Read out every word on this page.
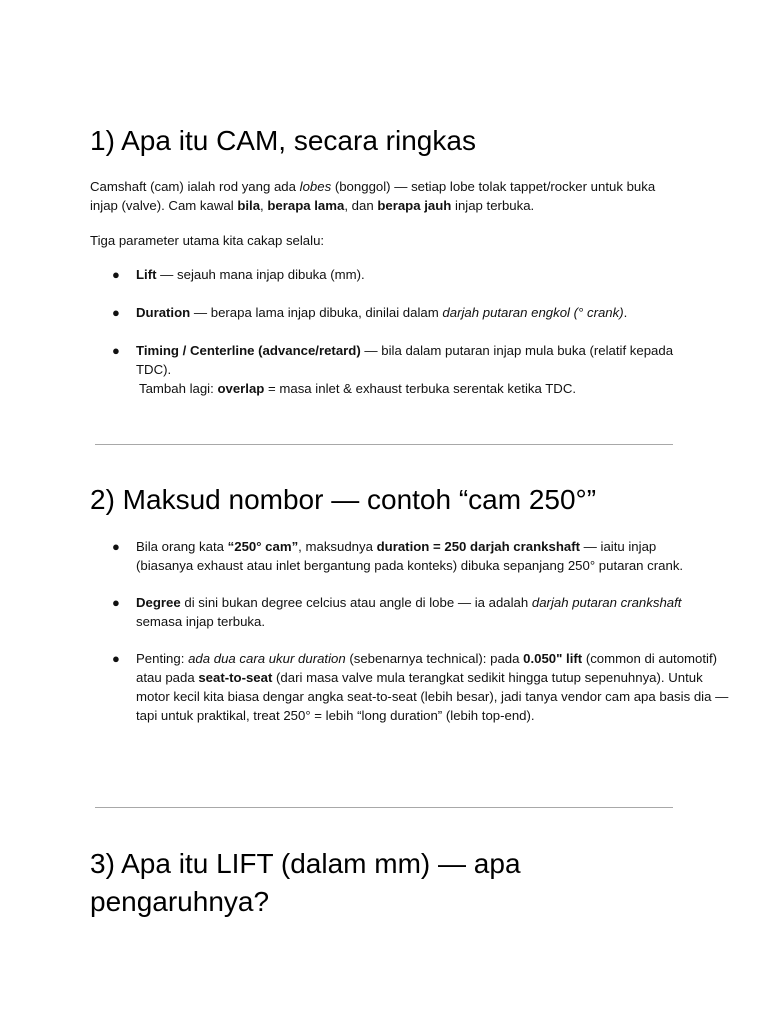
1) Apa itu CAM, secara ringkas

Camshaft (cam) ialah rod yang ada lobes (bonggol) — setiap lobe tolak tappet/rocker untuk buka injap (valve). Cam kawal bila, berapa lama, dan berapa jauh injap terbuka.

Tiga parameter utama kita cakap selalu:

● Lift — sejauh mana injap dibuka (mm).
● Duration — berapa lama injap dibuka, dinilai dalam darjah putaran engkol (° crank).
● Timing / Centerline (advance/retard) — bila dalam putaran injap mula buka (relatif kepada TDC).
Tambah lagi: overlap = masa inlet & exhaust terbuka serentak ketika TDC.
2) Maksud nombor — contoh “cam 250°”
● Bila orang kata “250° cam”, maksudnya duration = 250 darjah crankshaft — iaitu injap (biasanya exhaust atau inlet bergantung pada konteks) dibuka sepanjang 250° putaran crank.
● Degree di sini bukan degree celcius atau angle di lobe — ia adalah darjah putaran crankshaft semasa injap terbuka.
● Penting: ada dua cara ukur duration (sebenarnya technical): pada 0.050" lift (common di automotif) atau pada seat-to-seat (dari masa valve mula terangkat sedikit hingga tutup sepenuhnya). Untuk motor kecil kita biasa dengar angka seat-to-seat (lebih besar), jadi tanya vendor cam apa basis dia — tapi untuk praktikal, treat 250° = lebih “long duration” (lebih top-end).
3) Apa itu LIFT (dalam mm) — apa pengaruhnya?
